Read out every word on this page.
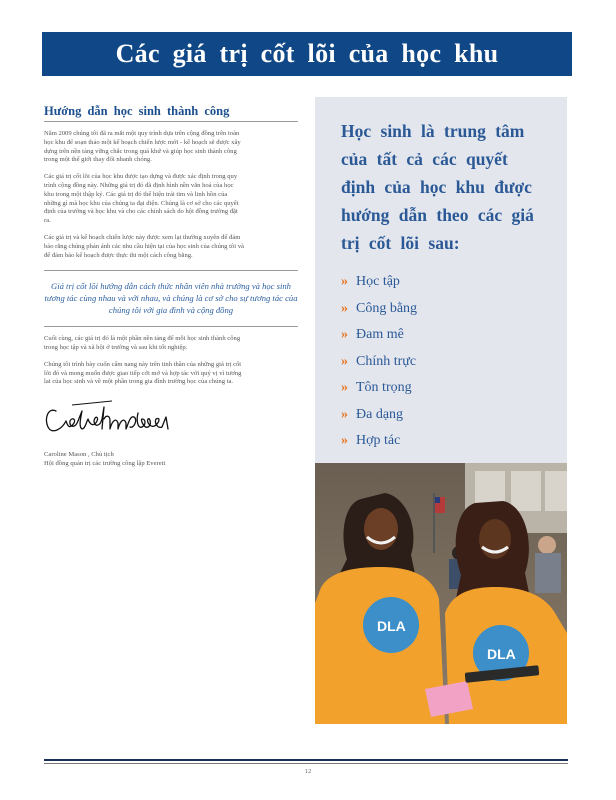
Các giá trị cốt lõi của học khu
Hướng dẫn học sinh thành công

Năm 2009 chúng tôi đã ra mắt một quy trình dựa trên cộng đồng trên toàn học khu để soạn thảo một kế hoạch chiến lược mới - kế hoạch sẽ được xây dựng trên nền tảng vững chắc trong quá khứ và giúp học sinh thành công trong một thế giới thay đổi nhanh chóng.

Các giá trị cốt lõi của học khu được tạo dựng và được xác định trong quy trình cộng đồng này. Những giá trị đó đã định hình nền văn hoá của học khu trong một thập kỷ. Các giá trị đó thể hiện trái tim và linh hồn của những gì mà học khu của chúng ta đại diện. Chúng là cơ sở cho các quyết định của trường và học khu và cho các chính sách do hội đồng trường đặt ra.

Các giá trị và kế hoạch chiến lược này được xem lại thường xuyên để đảm bảo rằng chúng phản ánh các nhu cầu hiện tại của học sinh của chúng tôi và để đảm bảo kế hoạch được thực thi một cách công bằng.

Giá trị cốt lõi hướng dẫn cách thức nhân viên nhà trường và học sinh tương tác cùng nhau và với nhau, và chúng là cơ sở cho sự tương tác của chúng tôi với gia đình và cộng đồng

Cuối cùng, các giá trị đó là một phần nền tảng để mỗi học sinh thành công trong học tập và xã hội ở trường và sau khi tốt nghiệp.

Chúng tôi trình bày cuốn cẩm nang này trên tinh thần của những giá trị cốt lõi đó và mong muốn được giao tiếp cởi mở và hợp tác với quý vị vì tương lai của học sinh và về một phần trong gia đình trường học của chúng ta.

Caroline Mason , Chủ tịch
Hội đồng quản trị các trường công lập Everett
Học sinh là trung tâm của tất cả các quyết định của học khu được hướng dẫn theo các giá trị cốt lõi sau:
» Học tập
» Công bằng
» Đam mê
» Chính trực
» Tôn trọng
» Đa dạng
» Hợp tác
DLA
DLA
12
